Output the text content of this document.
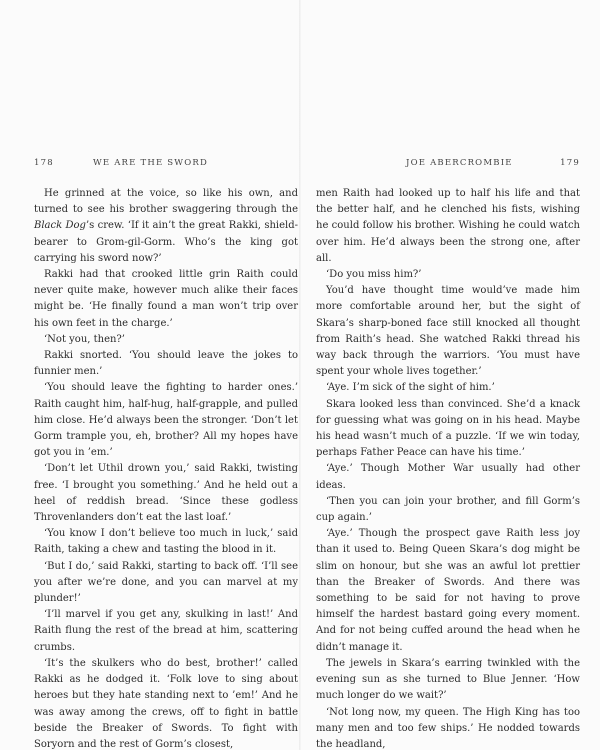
178	WE ARE THE SWORD

He grinned at the voice, so like his own, and turned to see his brother swaggering through the Black Dog’s crew. ‘If it ain’t the great Rakki, shield-bearer to Grom-gil-Gorm. Who’s the king got carrying his sword now?’

Rakki had that crooked little grin Raith could never quite make, however much alike their faces might be. ‘He finally found a man won’t trip over his own feet in the charge.’

‘Not you, then?’

Rakki snorted. ‘You should leave the jokes to funnier men.’

‘You should leave the fighting to harder ones.’ Raith caught him, half-hug, half-grapple, and pulled him close. He’d always been the stronger. ‘Don’t let Gorm trample you, eh, brother? All my hopes have got you in ’em.’

‘Don’t let Uthil drown you,’ said Rakki, twisting free. ‘I brought you something.’ And he held out a heel of reddish bread. ‘Since these godless Throvenlanders don’t eat the last loaf.’

‘You know I don’t believe too much in luck,’ said Raith, taking a chew and tasting the blood in it.

‘But I do,’ said Rakki, starting to back off. ‘I’ll see you after we’re done, and you can marvel at my plunder!’

‘I’ll marvel if you get any, skulking in last!’ And Raith flung the rest of the bread at him, scattering crumbs.

‘It’s the skulkers who do best, brother!’ called Rakki as he dodged it. ‘Folk love to sing about heroes but they hate standing next to ’em!’ And he was away among the crews, off to fight in battle beside the Breaker of Swords. To fight with Soryorn and the rest of Gorm’s closest,

JOE ABERCROMBIE	179

men Raith had looked up to half his life and that the better half, and he clenched his fists, wishing he could follow his brother. Wishing he could watch over him. He’d always been the strong one, after all.

‘Do you miss him?’

You’d have thought time would’ve made him more comfortable around her, but the sight of Skara’s sharp-boned face still knocked all thought from Raith’s head. She watched Rakki thread his way back through the warriors. ‘You must have spent your whole lives together.’

‘Aye. I’m sick of the sight of him.’

Skara looked less than convinced. She’d a knack for guessing what was going on in his head. Maybe his head wasn’t much of a puzzle. ‘If we win today, perhaps Father Peace can have his time.’

‘Aye.’ Though Mother War usually had other ideas.

‘Then you can join your brother, and fill Gorm’s cup again.’

‘Aye.’ Though the prospect gave Raith less joy than it used to. Being Queen Skara’s dog might be slim on honour, but she was an awful lot prettier than the Breaker of Swords. And there was something to be said for not having to prove himself the hardest bastard going every moment. And for not being cuffed around the head when he didn’t manage it.

The jewels in Skara’s earring twinkled with the evening sun as she turned to Blue Jenner. ‘How much longer do we wait?’

‘Not long now, my queen. The High King has too many men and too few ships.’ He nodded towards the headland,
